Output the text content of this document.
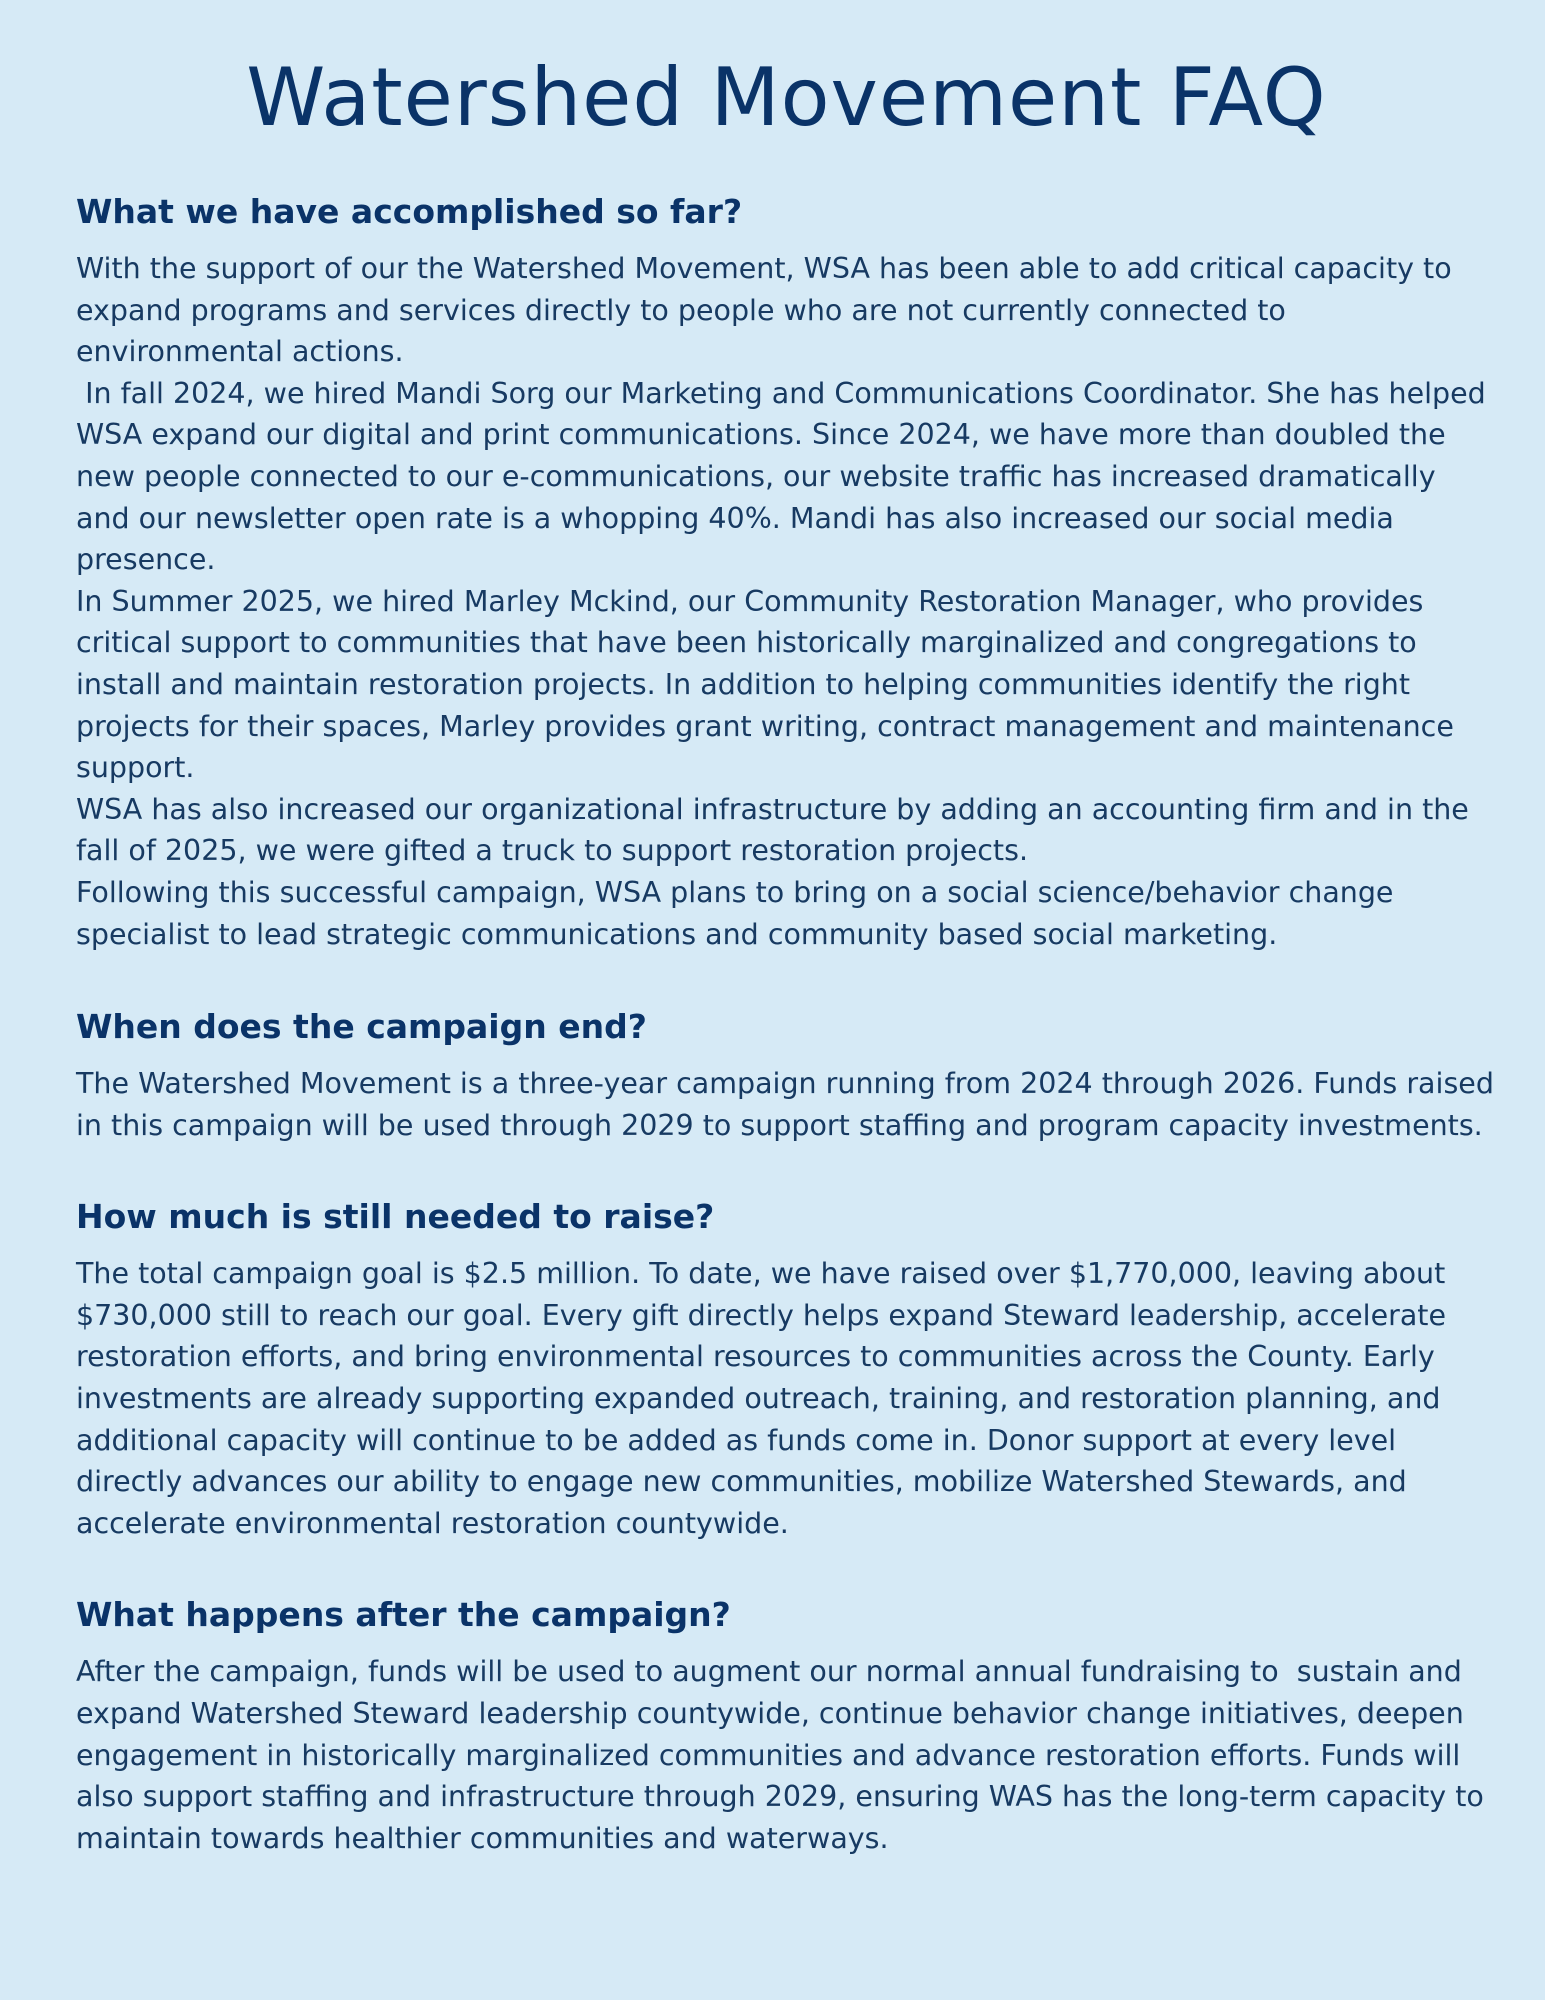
Watershed Movement FAQ
What we have accomplished so far?

With the support of our the Watershed Movement, WSA has been able to add critical capacity to expand programs and services directly to people who are not currently connected to environmental actions.

In fall 2024, we hired Mandi Sorg our Marketing and Communications Coordinator. She has helped WSA expand our digital and print communications. Since 2024, we have more than doubled the new people connected to our e-communications, our website traffic has increased dramatically and our newsletter open rate is a whopping 40%. Mandi has also increased our social media presence.

In Summer 2025, we hired Marley Mckind, our Community Restoration Manager, who provides critical support to communities that have been historically marginalized and congregations to install and maintain restoration projects. In addition to helping communities identify the right projects for their spaces, Marley provides grant writing, contract management and maintenance support.

WSA has also increased our organizational infrastructure by adding an accounting firm and in the fall of 2025, we were gifted a truck to support restoration projects.

Following this successful campaign, WSA plans to bring on a social science/behavior change specialist to lead strategic communications and community based social marketing.

When does the campaign end?

The Watershed Movement is a three-year campaign running from 2024 through 2026. Funds raised in this campaign will be used through 2029 to support staffing and program capacity investments.

How much is still needed to raise?

The total campaign goal is $2.5 million. To date, we have raised over $1,770,000, leaving about $730,000 still to reach our goal. Every gift directly helps expand Steward leadership, accelerate restoration efforts, and bring environmental resources to communities across the County. Early investments are already supporting expanded outreach, training, and restoration planning, and additional capacity will continue to be added as funds come in. Donor support at every level directly advances our ability to engage new communities, mobilize Watershed Stewards, and accelerate environmental restoration countywide.

What happens after the campaign?

After the campaign, funds will be used to augment our normal annual fundraising to  sustain and expand Watershed Steward leadership countywide, continue behavior change initiatives, deepen engagement in historically marginalized communities and advance restoration efforts. Funds will also support staffing and infrastructure through 2029, ensuring WAS has the long-term capacity to maintain towards healthier communities and waterways.
